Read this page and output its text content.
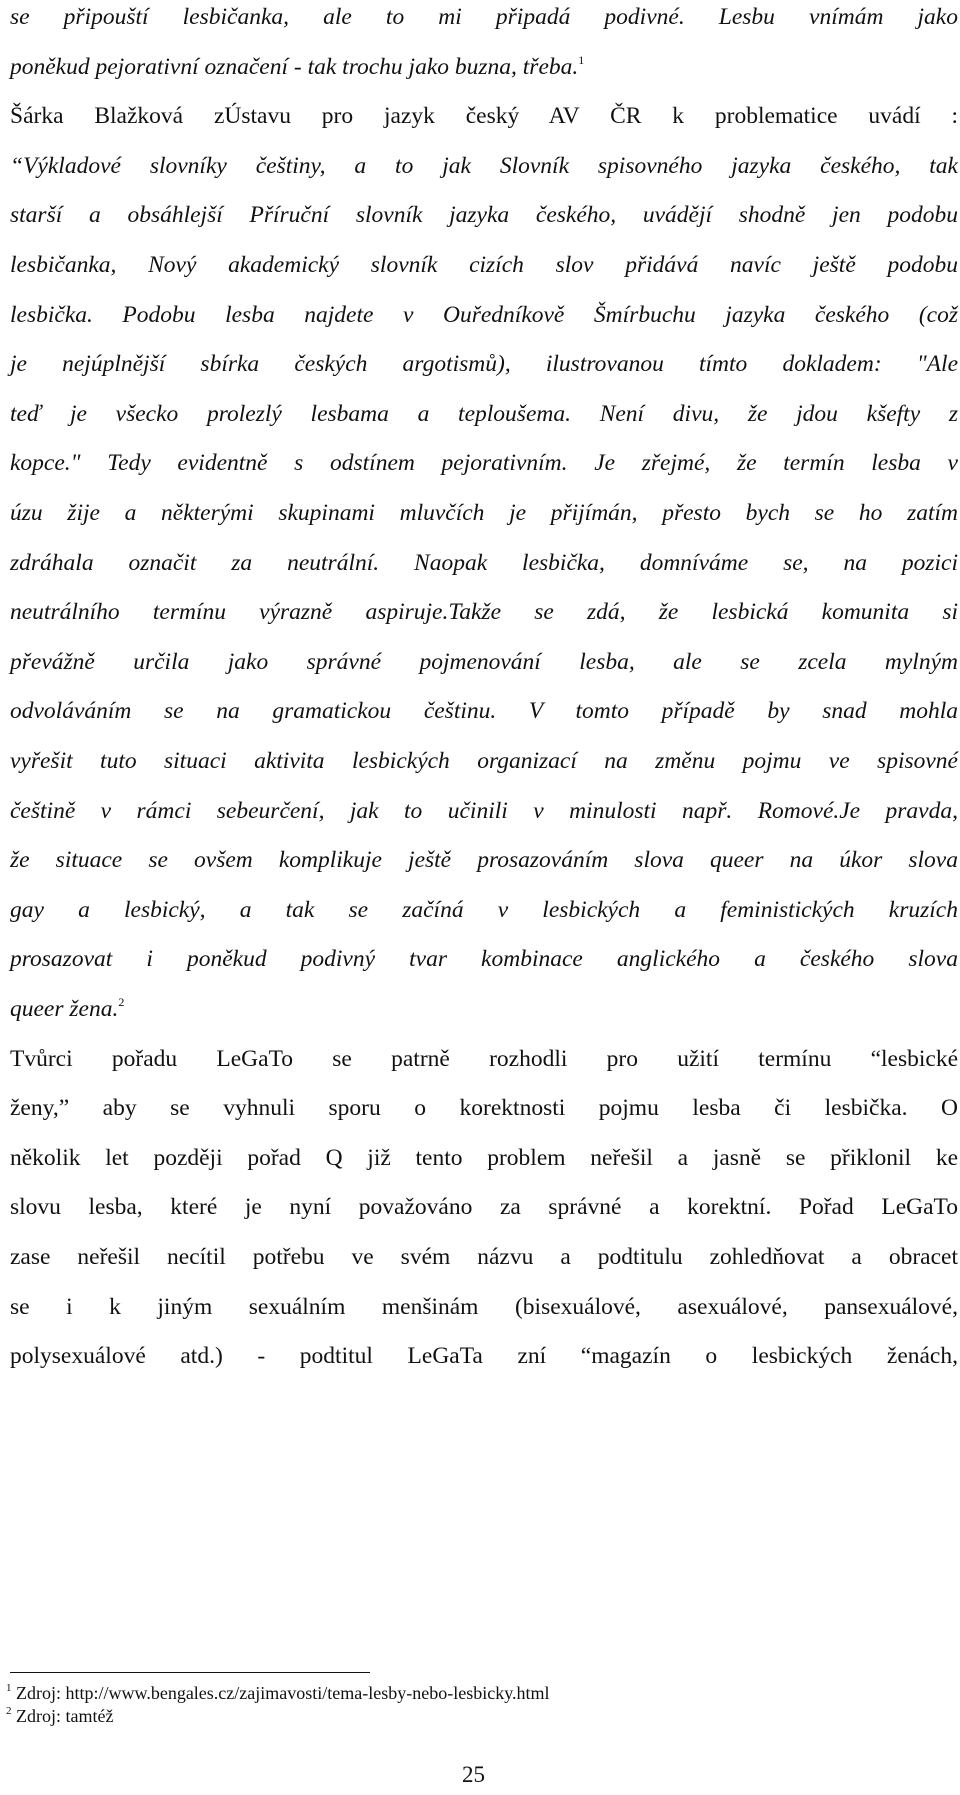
se připouští lesbičanka, ale to mi připadá podivné. Lesbu vnímám jako
poněkud pejorativní označení - tak trochu jako buzna, třeba.$^1$
Šárka Blažková zÚstavu pro jazyk český AV ČR k problematice uvádí :
“Výkladové slovníky češtiny, a to jak Slovník spisovného jazyka českého, tak
starší a obsáhlejší Příruční slovník jazyka českého, uvádějí shodně jen podobu
lesbičanka, Nový akademický slovník cizích slov přidává navíc ještě podobu
lesbička. Podobu lesba najdete v Ouředníkově Šmírbuchu jazyka českého (což
je nejúplnější sbírka českých argotismů), ilustrovanou tímto dokladem: "Ale
teď je všecko prolezlý lesbama a teploušema. Není divu, že jdou kšefty z
kopce." Tedy evidentně s odstínem pejorativním. Je zřejmé, že termín lesba v
úzu žije a některými skupinami mluvčích je přijímán, přesto bych se ho zatím
zdráhala označit za neutrální. Naopak lesbička, domníváme se, na pozici
neutrálního termínu výrazně aspiruje.Takže se zdá, že lesbická komunita si
převážně určila jako správné pojmenování lesba, ale se zcela mylným
odvoláváním se na gramatickou češtinu. V tomto případě by snad mohla
vyřešit tuto situaci aktivita lesbických organizací na změnu pojmu ve spisovné
češtině v rámci sebeurčení, jak to učinili v minulosti např. Romové.Je pravda,
že situace se ovšem komplikuje ještě prosazováním slova queer na úkor slova
gay a lesbický, a tak se začíná v lesbických a feministických kruzích
prosazovat i poněkud podivný tvar kombinace anglického a českého slova
queer žena.$^2$
Tvůrci pořadu LeGaTo se patrně rozhodli pro užití termínu “lesbické
ženy,” aby se vyhnuli sporu o korektnosti pojmu lesba či lesbička. O
několik let později pořad Q již tento problem neřešil a jasně se přiklonil ke
slovu lesba, které je nyní považováno za správné a korektní. Pořad LeGaTo
zase neřešil necítil potřebu ve svém názvu a podtitulu zohledňovat a obracet
se i k jiným sexuálním menšinám (bisexuálové, asexuálové, pansexuálové,
polysexuálové atd.) - podtitul LeGaTa zní “magazín o lesbických ženách,
$^1$ Zdroj: http://www.bengales.cz/zajimavosti/tema-lesby-nebo-lesbicky.html
$^2$ Zdroj: tamtéž
25
